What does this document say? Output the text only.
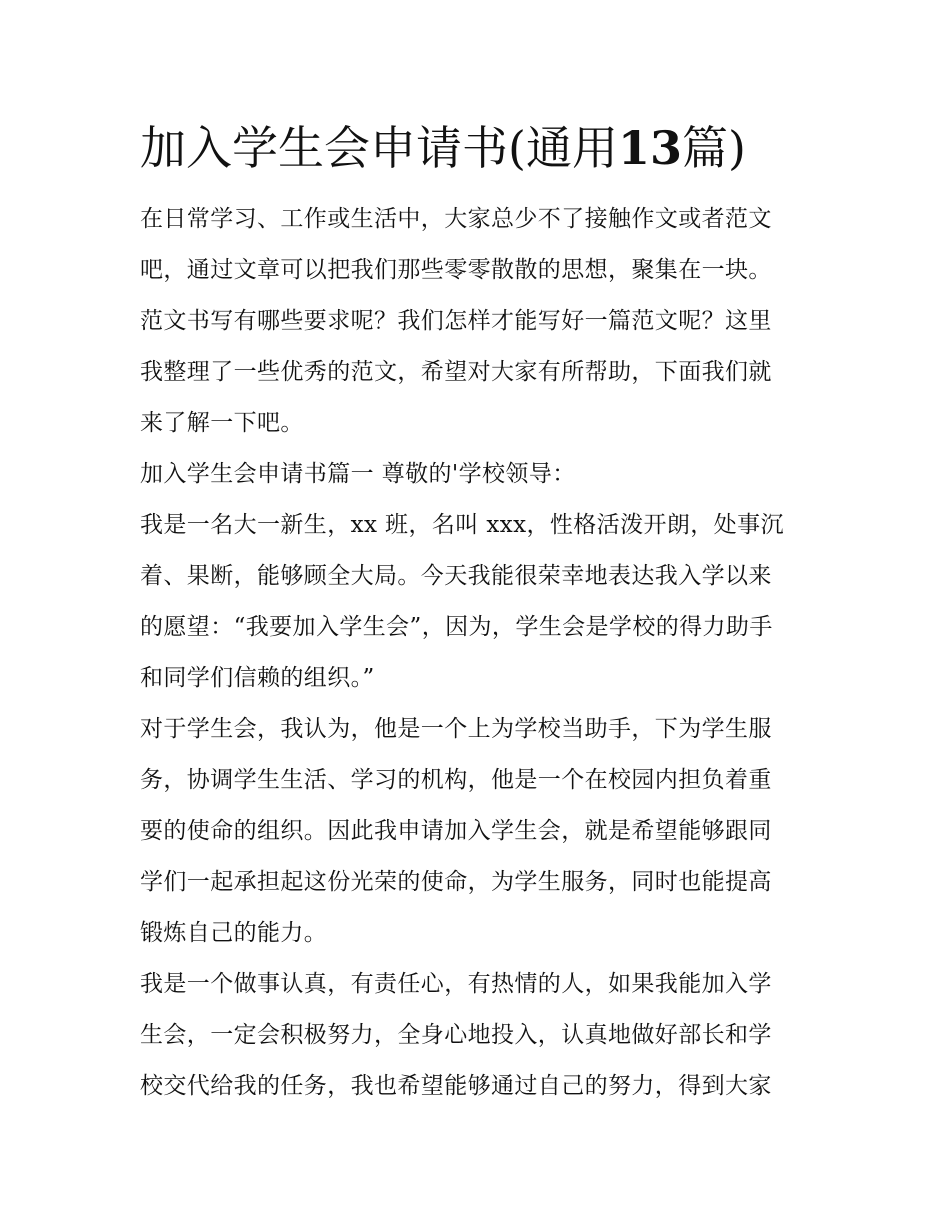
加入学生会申请书(通用13篇)

在日常学习、工作或生活中，大家总少不了接触作文或者范文
吧，通过文章可以把我们那些零零散散的思想，聚集在一块。
范文书写有哪些要求呢？我们怎样才能写好一篇范文呢？这里
我整理了一些优秀的范文，希望对大家有所帮助，下面我们就
来了解一下吧。

加入学生会申请书篇一 尊敬的'学校领导：

我是一名大一新生，xx 班，名叫 xxx，性格活泼开朗，处事沉
着、果断，能够顾全大局。今天我能很荣幸地表达我入学以来
的愿望：“我要加入学生会”，因为，学生会是学校的得力助手
和同学们信赖的组织。”

对于学生会，我认为，他是一个上为学校当助手，下为学生服
务，协调学生生活、学习的机构，他是一个在校园内担负着重
要的使命的组织。因此我申请加入学生会，就是希望能够跟同
学们一起承担起这份光荣的使命，为学生服务，同时也能提高
锻炼自己的能力。

我是一个做事认真，有责任心，有热情的人，如果我能加入学
生会，一定会积极努力，全身心地投入，认真地做好部长和学
校交代给我的任务，我也希望能够通过自己的努力，得到大家
